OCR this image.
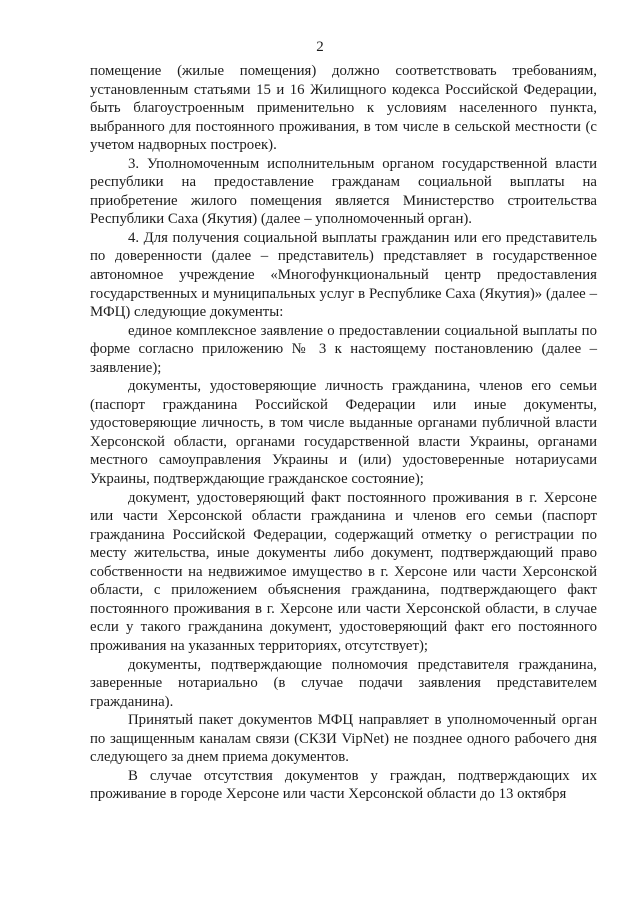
2

помещение (жилые помещения) должно соответствовать требованиям, установленным статьями 15 и 16 Жилищного кодекса Российской Федерации, быть благоустроенным применительно к условиям населенного пункта, выбранного для постоянного проживания, в том числе в сельской местности (с учетом надворных построек).

3. Уполномоченным исполнительным органом государственной власти республики на предоставление гражданам социальной выплаты на приобретение жилого помещения является Министерство строительства Республики Саха (Якутия) (далее – уполномоченный орган).

4. Для получения социальной выплаты гражданин или его представитель по доверенности (далее – представитель) представляет в государственное автономное учреждение «Многофункциональный центр предоставления государственных и муниципальных услуг в Республике Саха (Якутия)» (далее – МФЦ) следующие документы:

единое комплексное заявление о предоставлении социальной выплаты по форме согласно приложению № 3 к настоящему постановлению (далее – заявление);

документы, удостоверяющие личность гражданина, членов его семьи (паспорт гражданина Российской Федерации или иные документы, удостоверяющие личность, в том числе выданные органами публичной власти Херсонской области, органами государственной власти Украины, органами местного самоуправления Украины и (или) удостоверенные нотариусами Украины, подтверждающие гражданское состояние);

документ, удостоверяющий факт постоянного проживания в г. Херсоне или части Херсонской области гражданина и членов его семьи (паспорт гражданина Российской Федерации, содержащий отметку о регистрации по месту жительства, иные документы либо документ, подтверждающий право собственности на недвижимое имущество в г. Херсоне или части Херсонской области, с приложением объяснения гражданина, подтверждающего факт постоянного проживания в г. Херсоне или части Херсонской области, в случае если у такого гражданина документ, удостоверяющий факт его постоянного проживания на указанных территориях, отсутствует);

документы, подтверждающие полномочия представителя гражданина, заверенные нотариально (в случае подачи заявления представителем гражданина).

Принятый пакет документов МФЦ направляет в уполномоченный орган по защищенным каналам связи (СКЗИ VipNet) не позднее одного рабочего дня следующего за днем приема документов.

В случае отсутствия документов у граждан, подтверждающих их проживание в городе Херсоне или части Херсонской области до 13 октября
